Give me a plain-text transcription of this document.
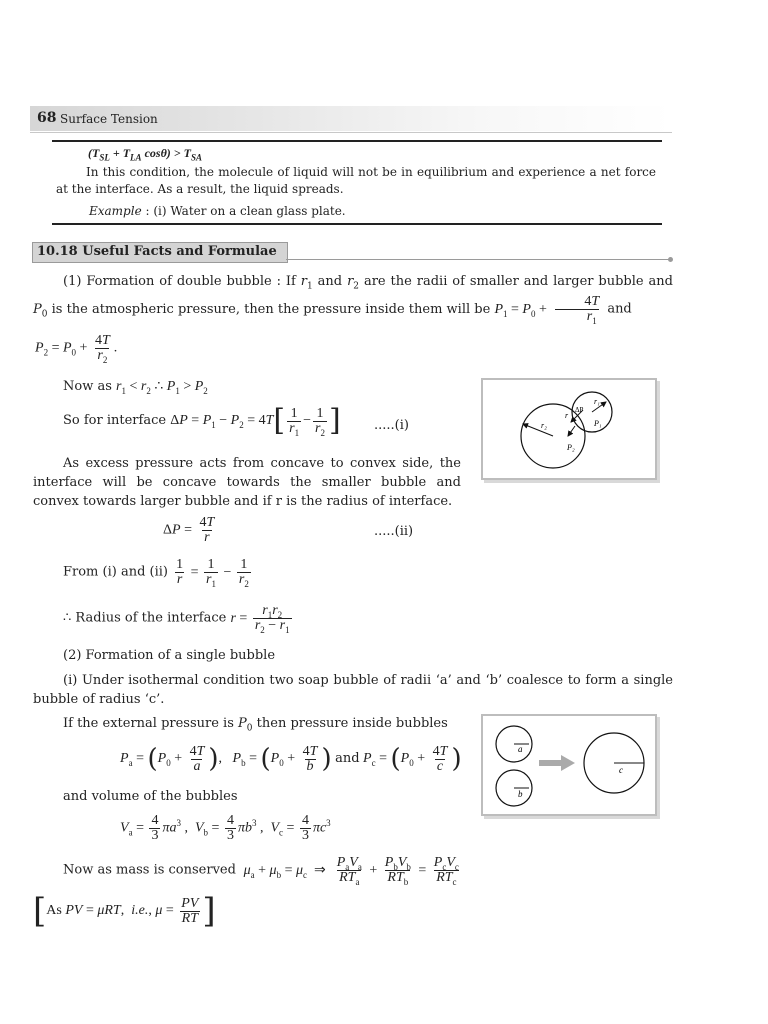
68 Surface Tension
($T_{SL} + T_{LA}$ $\cos\theta) > T_{SA}$
In this condition, the molecule of liquid will not be in equilibrium and experience a net force at the interface. As a result, the liquid spreads.
Example : (i) Water on a clean glass plate.
10.18 Useful Facts and Formulae
(1) Formation of double bubble : If $r_1$ and $r_2$ are the radii of smaller and larger bubble and $P_0$ is the atmospheric pressure, then the pressure inside them will be $P_1 = P_0 + \frac{4T}{r_1}$ and
$P_2 = P_0 + \frac{4T}{r_2}$ .
Now as $r_1 < r_2$ ∴ $P_1 > P_2$
So for interface $\Delta P = P_1 - P_2 = 4T[ \frac{1}{r_1} - \frac{1}{r_2}$ ]	.....(i)	r₂
r
r₁
ΔP
P₁
P₂
As excess pressure acts from concave to convex side, the interface will be concave towards the smaller bubble and convex towards larger bubble and if r is the radius of interface.
$\Delta P = \frac{4T}{r}$	.....(ii)
From (i) and $(ii) \frac{1}{r} = \frac{1}{r_1} - \frac{1}{r_2}$
∴ Radius of the interface $r = \frac{r_1r_2}{r_2 - r_1}$
(2) Formation of a single bubble
(i) Under isothermal condition two soap bubble of radii ‘a’ and ‘b’ coalesce to form a single bubble of radius ‘c’.
If the external pressure is $P_0$ then pressure inside bubbles
$P_a = (P_0 + \frac{4T}{a}$ ),   $P_b = (P_0 + \frac{4T}{b}$ ) and $P_c = (P_0 + \frac{4T}{c}$ )	a
b
c
and volume of the bubbles
$V_a = \frac{4}{3} \pi a^3$ ,  $V_b = \frac{4}{3} \pi b^3$ ,  $V_c = \frac{4}{3} \pi c^3$
Now as mass is conserved $\mu_a + \mu_b = \mu_c$ ⇒ $\frac{P_aV_a}{RT_a} + \frac{P_bV_b}{RT_b} = \frac{P_cV_c}{RT_c}$
[As PV = μRT,  i.e., $\mu = \frac{PV}{RT}$ ]
